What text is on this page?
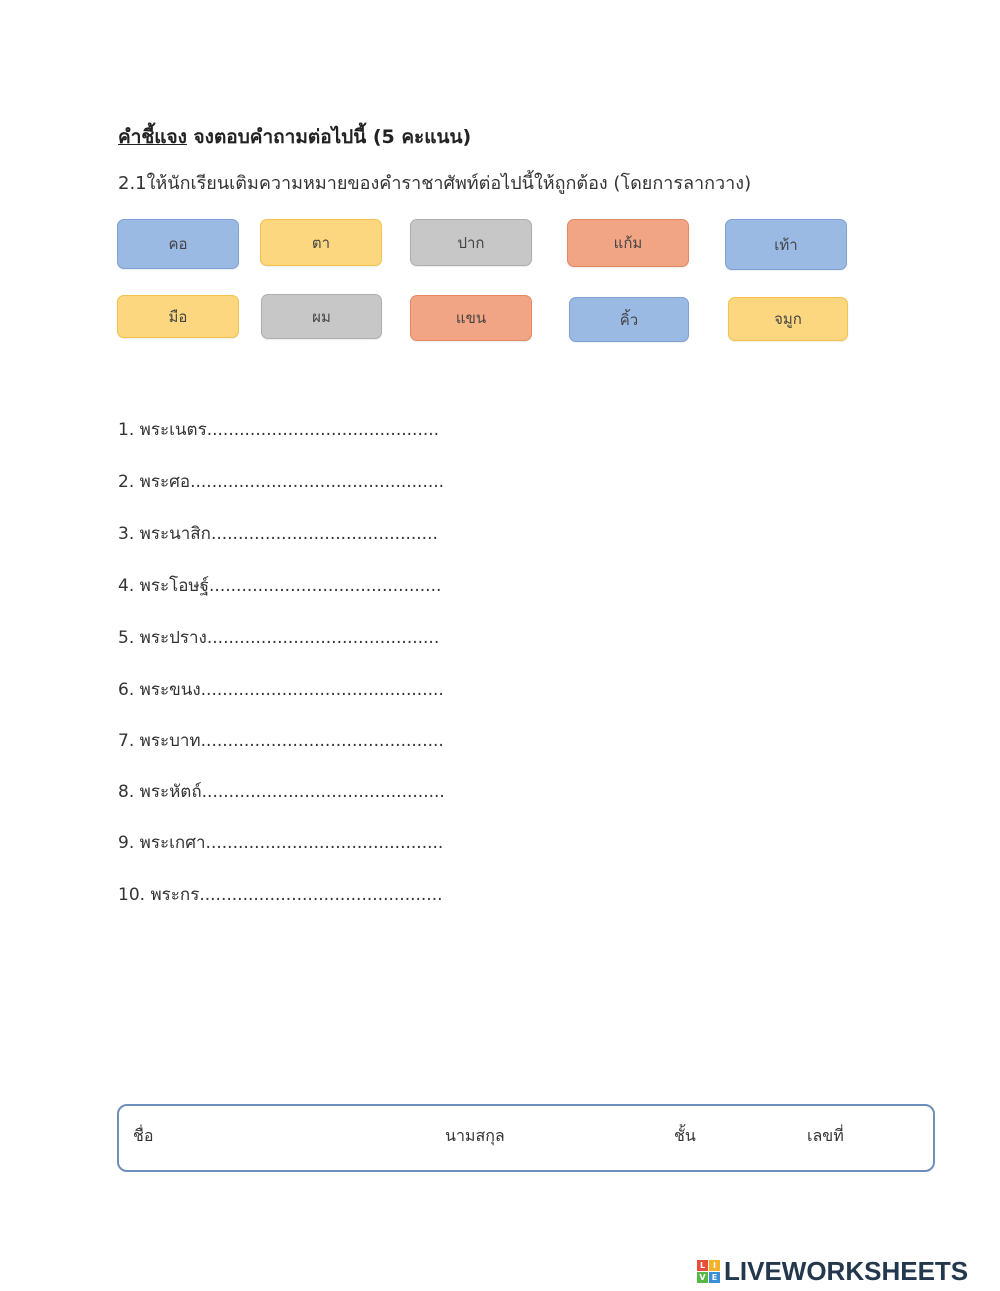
คำชี้แจง จงตอบคำถามต่อไปนี้ (5 คะแนน)
2.1ให้นักเรียนเติมความหมายของคำราชาศัพท์ต่อไปนี้ให้ถูกต้อง (โดยการลากวาง)
คอ	ตา	ปาก	แก้ม	เท้า
มือ	ผม	แขน	คิ้ว	จมูก
1. พระเนตร...........................................
2. พระศอ...............................................
3. พระนาสิก..........................................
4. พระโอษฐ์...........................................
5. พระปราง...........................................
6. พระขนง.............................................
7. พระบาท.............................................
8. พระหัตถ์.............................................
9. พระเกศา............................................
10. พระกร.............................................
ชื่อ	นามสกุล	ชั้น	เลขที่
L I
V E LIVEWORKSHEETS
